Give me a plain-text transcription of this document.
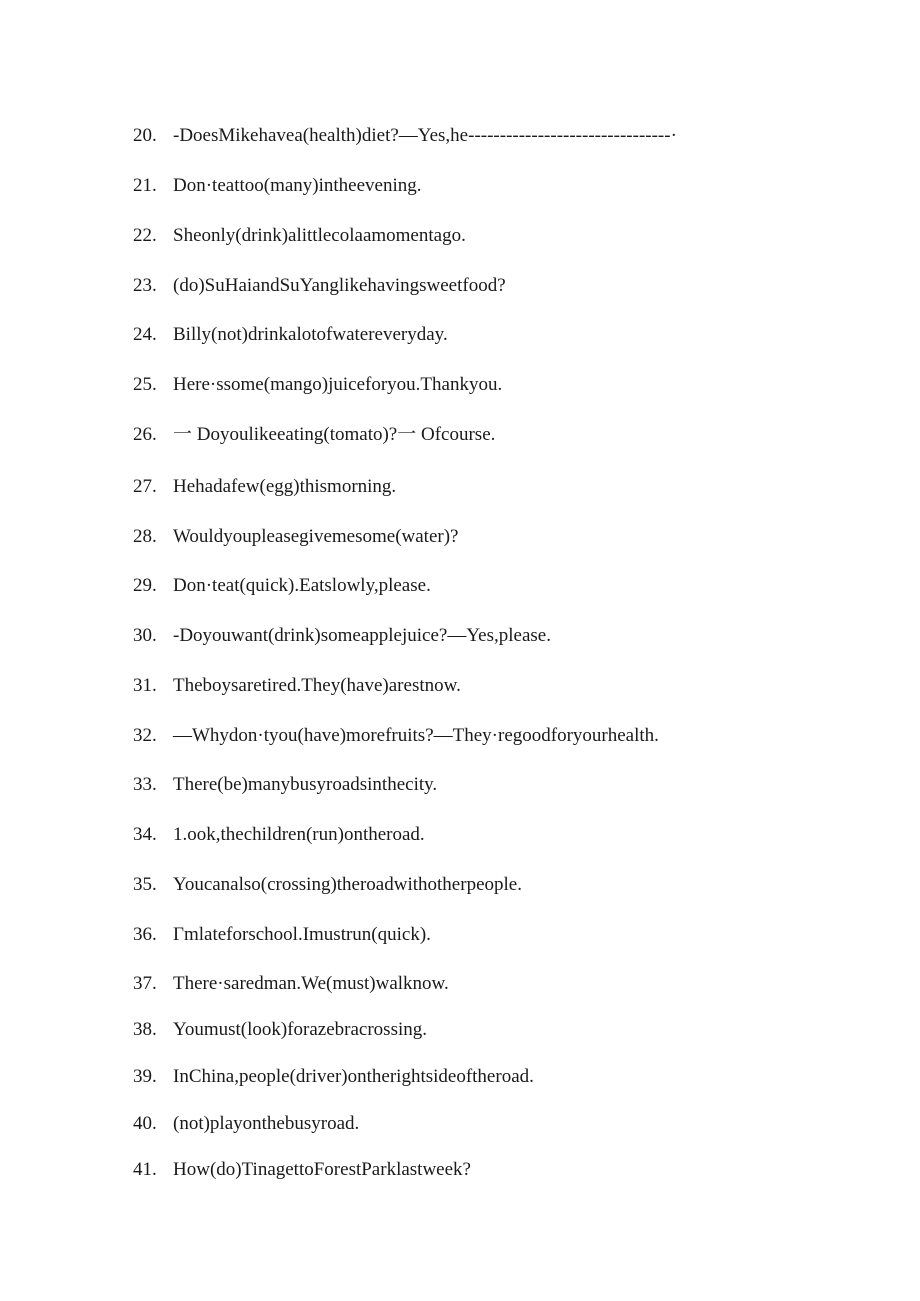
20. -DoesMikehavea(health)diet?—Yes,he--------------------------------·
21. Don·teattoo(many)intheevening.
22. Sheonly(drink)alittlecolaamomentago.
23. (do)SuHaiandSuYanglikehavingsweetfood?
24. Billy(not)drinkalotofwatereveryday.
25. Here·ssome(mango)juiceforyou.Thankyou.
26. 一 Doyoulikeeating(tomato)?一 Ofcourse.
27. Hehadafew(egg)thismorning.
28. Wouldyoupleasegivemesome(water)?
29. Don·teat(quick).Eatslowly,please.
30. -Doyouwant(drink)someapplejuice?—Yes,please.
31. Theboysaretired.They(have)arestnow.
32. —Whydon·tyou(have)morefruits?—They·regoodforyourhealth.
33. There(be)manybusyroadsinthecity.
34. 1.ook,thechildren(run)ontheroad.
35. Youcanalso(crossing)theroadwithotherpeople.
36. Γmlateforschool.Imustrun(quick).
37. There·saredman.We(must)walknow.
38. Youmust(look)forazebracrossing.
39. InChina,people(driver)ontherightsideoftheroad.
40. (not)playonthebusyroad.
41. How(do)TinagettoForestParklastweek?
